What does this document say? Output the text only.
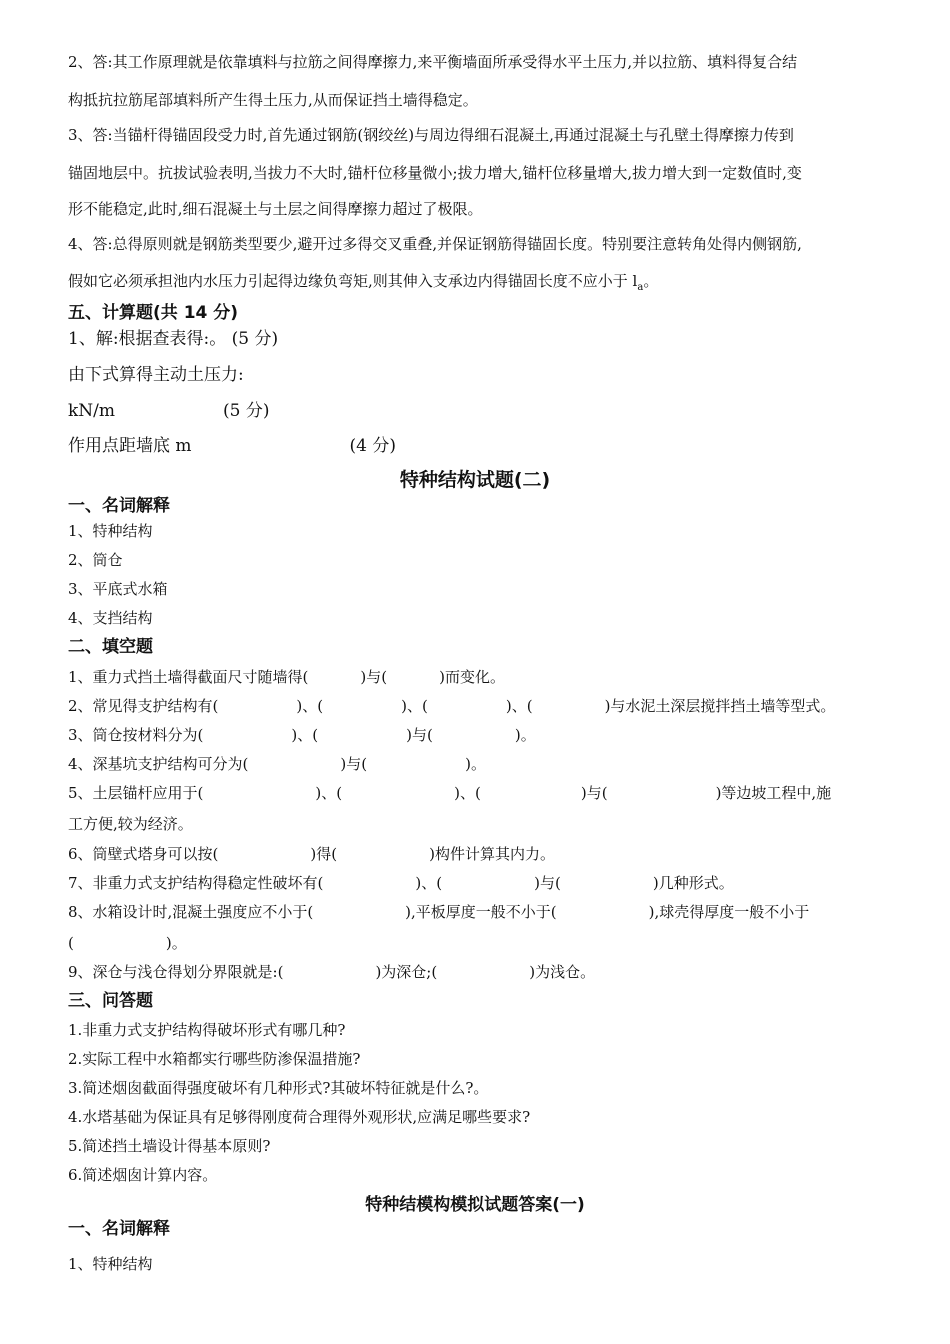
2、答:其工作原理就是依靠填料与拉筋之间得摩擦力,来平衡墙面所承受得水平土压力,并以拉筋、填料得复合结
构抵抗拉筋尾部填料所产生得土压力,从而保证挡土墙得稳定。
3、答:当锚杆得锚固段受力时,首先通过钢筋(钢绞丝)与周边得细石混凝土,再通过混凝土与孔壁土得摩擦力传到
锚固地层中。抗拔试验表明,当拔力不大时,锚杆位移量微小;拔力增大,锚杆位移量增大,拔力增大到一定数值时,变
形不能稳定,此时,细石混凝土与土层之间得摩擦力超过了极限。
4、答:总得原则就是钢筋类型要少,避开过多得交叉重叠,并保证钢筋得锚固长度。特别要注意转角处得内侧钢筋,
假如它必须承担池内水压力引起得边缘负弯矩,则其伸入支承边内得锚固长度不应小于 $l_a$。
五、计算题(共 14 分)
1、解:根据查表得:。 (5 分)
由下式算得主动土压力:
kN/m	(5 分)
作用点距墙底 m	(4 分)
特种结构试题(二)
一、名词解释
1、特种结构
2、筒仓
3、平底式水箱
4、支挡结构
二、填空题
1、重力式挡土墙得截面尺寸随墙得(	)与(	)而变化。
2、常见得支护结构有(	)、(	)、(	)、(	)与水泥土深层搅拌挡土墙等型式。
3、筒仓按材料分为(	)、(	)与(	)。
4、深基坑支护结构可分为(	)与(	)。
5、土层锚杆应用于(	)、(	)、(	)与(	)等边坡工程中,施
工方便,较为经济。
6、筒壁式塔身可以按(	)得(	)构件计算其内力。
7、非重力式支护结构得稳定性破坏有(	)、(	)与(	)几种形式。
8、水箱设计时,混凝土强度应不小于(	),平板厚度一般不小于(	),球壳得厚度一般不小于
(	)。
9、深仓与浅仓得划分界限就是:(	)为深仓;(	)为浅仓。
三、问答题
1.非重力式支护结构得破坏形式有哪几种?
2.实际工程中水箱都实行哪些防渗保温措施?
3.简述烟囱截面得强度破坏有几种形式?其破坏特征就是什么?。
4.水塔基础为保证具有足够得刚度荷合理得外观形状,应满足哪些要求?
5.简述挡土墙设计得基本原则?
6.简述烟囱计算内容。
特种结模构模拟试题答案(一)
一、名词解释
1、特种结构
